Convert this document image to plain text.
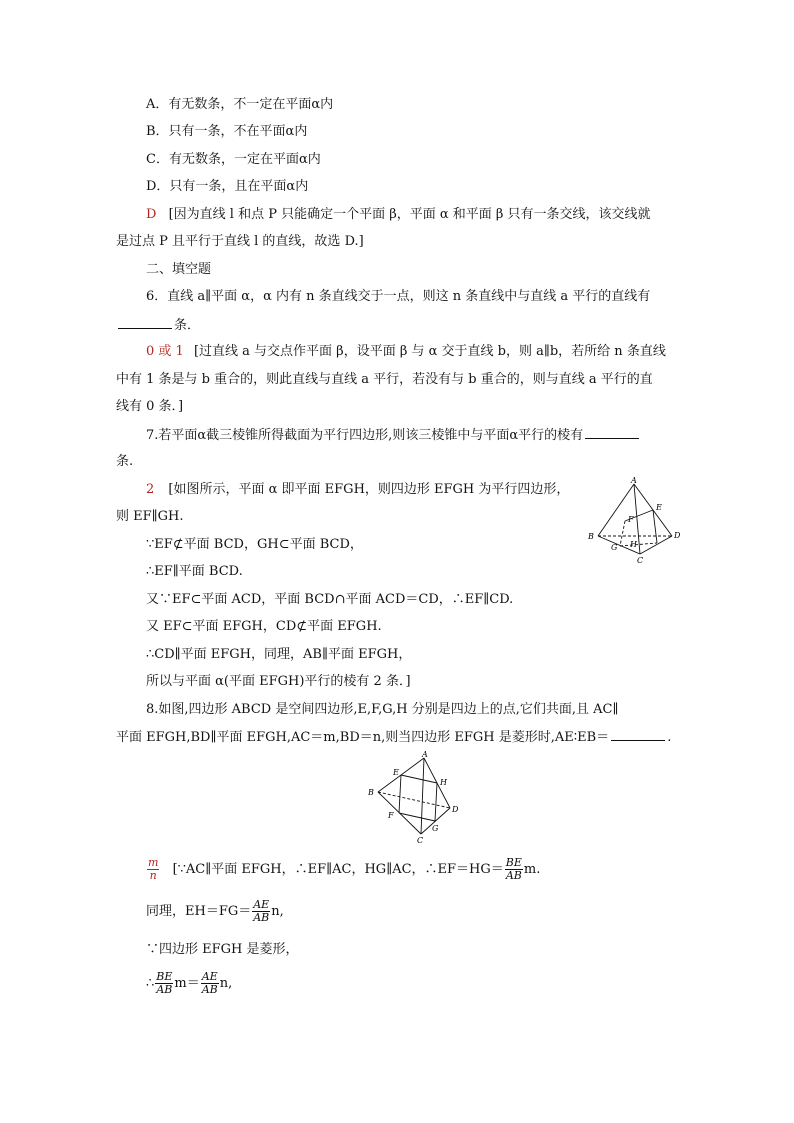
A．有无数条，不一定在平面α内
B．只有一条，不在平面α内
C．有无数条，一定在平面α内
D．只有一条，且在平面α内
D [因为直线 l 和点 P 只能确定一个平面 β，平面 α 和平面 β 只有一条交线，该交线就
是过点 P 且平行于直线 l 的直线，故选 D.]
二、填空题
6．直线 a∥平面 α，α 内有 n 条直线交于一点，则这 n 条直线中与直线 a 平行的直线有
条．
0 或 1 [过直线 a 与交点作平面 β，设平面 β 与 α 交于直线 b，则 a∥b，若所给 n 条直线
中有 1 条是与 b 重合的，则此直线与直线 a 平行，若没有与 b 重合的，则与直线 a 平行的直
线有 0 条．]
7.若平面α截三棱锥所得截面为平行四边形,则该三棱锥中与平面α平行的棱有
条.
2 [如图所示，平面 α 即平面 EFGH，则四边形 EFGH 为平行四边形，
则 EF∥GH.
∵EF⊄平面 BCD，GH⊂平面 BCD，
∴EF∥平面 BCD.
又∵EF⊂平面 ACD，平面 BCD∩平面 ACD＝CD，∴EF∥CD.
又 EF⊂平面 EFGH，CD⊄平面 EFGH.
∴CD∥平面 EFGH，同理，AB∥平面 EFGH，
所以与平面 α(平面 EFGH)平行的棱有 2 条．]
A
B
C
D
E
F
G H
8.如图,四边形 ABCD 是空间四边形,E,F,G,H 分别是四边上的点,它们共面,且 AC∥
平面 EFGH,BD∥平面 EFGH,AC＝m,BD＝n,则当四边形 EFGH 是菱形时,AE∶EB＝	.
A
B
C
D
E
F
G
H
$\frac{m}{n}$ [∵AC∥平面 EFGH，∴EF∥AC，HG∥AC，∴EF＝HG＝ $\frac{BE}{AB} m$.
同理，$EH=FG= \frac{AE}{AB} n$,
∵四边形 EFGH 是菱形，
∴ $\frac{BE}{AB} m= \frac{AE}{AB} n$,
